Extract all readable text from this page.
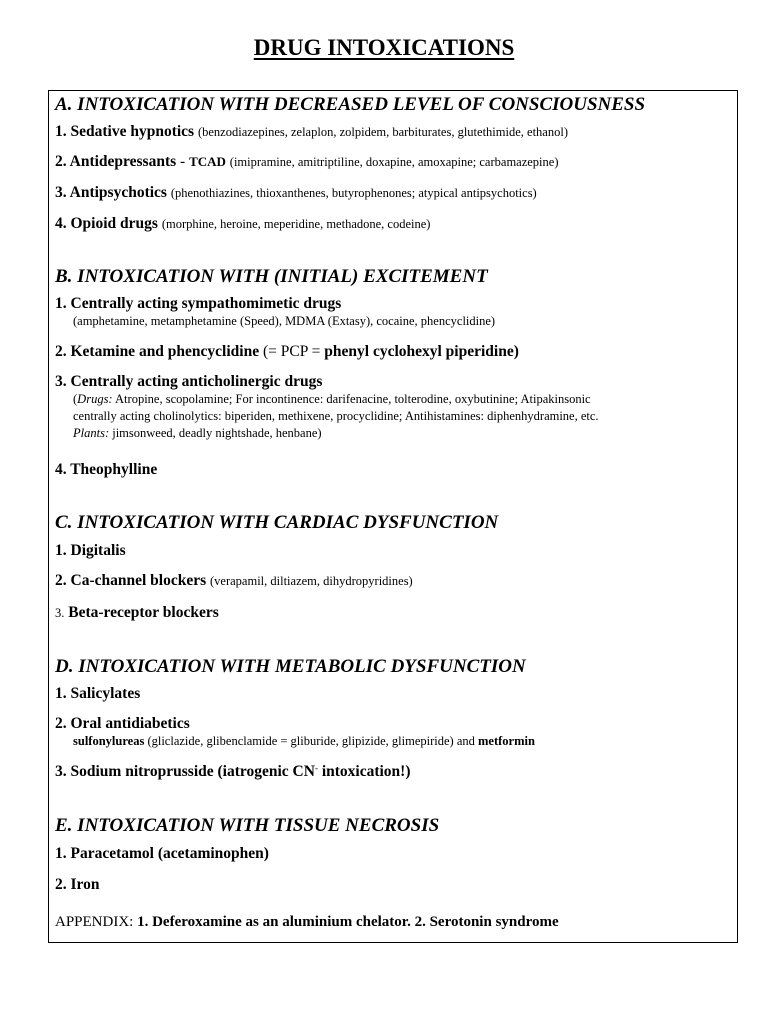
DRUG INTOXICATIONS
A. INTOXICATION WITH DECREASED LEVEL OF CONSCIOUSNESS
1. Sedative hypnotics (benzodiazepines, zelaplon, zolpidem, barbiturates, glutethimide, ethanol)
2. Antidepressants - TCAD (imipramine, amitriptiline, doxapine, amoxapine; carbamazepine)
3. Antipsychotics (phenothiazines, thioxanthenes, butyrophenones; atypical antipsychotics)
4. Opioid drugs (morphine, heroine, meperidine, methadone, codeine)
B. INTOXICATION WITH (INITIAL) EXCITEMENT
1. Centrally acting sympathomimetic drugs
(amphetamine, metamphetamine (Speed), MDMA (Extasy), cocaine, phencyclidine)
2. Ketamine and phencyclidine (= PCP = phenyl cyclohexyl piperidine)
3. Centrally acting anticholinergic drugs
(Drugs: Atropine, scopolamine; For incontinence: darifenacine, tolterodine, oxybutinine; Atipakinsonic
centrally acting cholinolytics: biperiden, methixene, procyclidine; Antihistamines: diphenhydramine, etc.
Plants: jimsonweed, deadly nightshade, henbane)
4. Theophylline
C. INTOXICATION WITH CARDIAC DYSFUNCTION
1. Digitalis
2. Ca-channel blockers (verapamil, diltiazem, dihydropyridines)
3. Beta-receptor blockers
D. INTOXICATION WITH METABOLIC DYSFUNCTION
1. Salicylates
2. Oral antidiabetics
sulfonylureas (gliclazide, glibenclamide = gliburide, glipizide, glimepiride) and metformin
3. Sodium nitroprusside (iatrogenic CN- intoxication!)
E. INTOXICATION WITH TISSUE NECROSIS
1. Paracetamol (acetaminophen)
2. Iron
APPENDIX: 1. Deferoxamine as an aluminium chelator. 2. Serotonin syndrome
